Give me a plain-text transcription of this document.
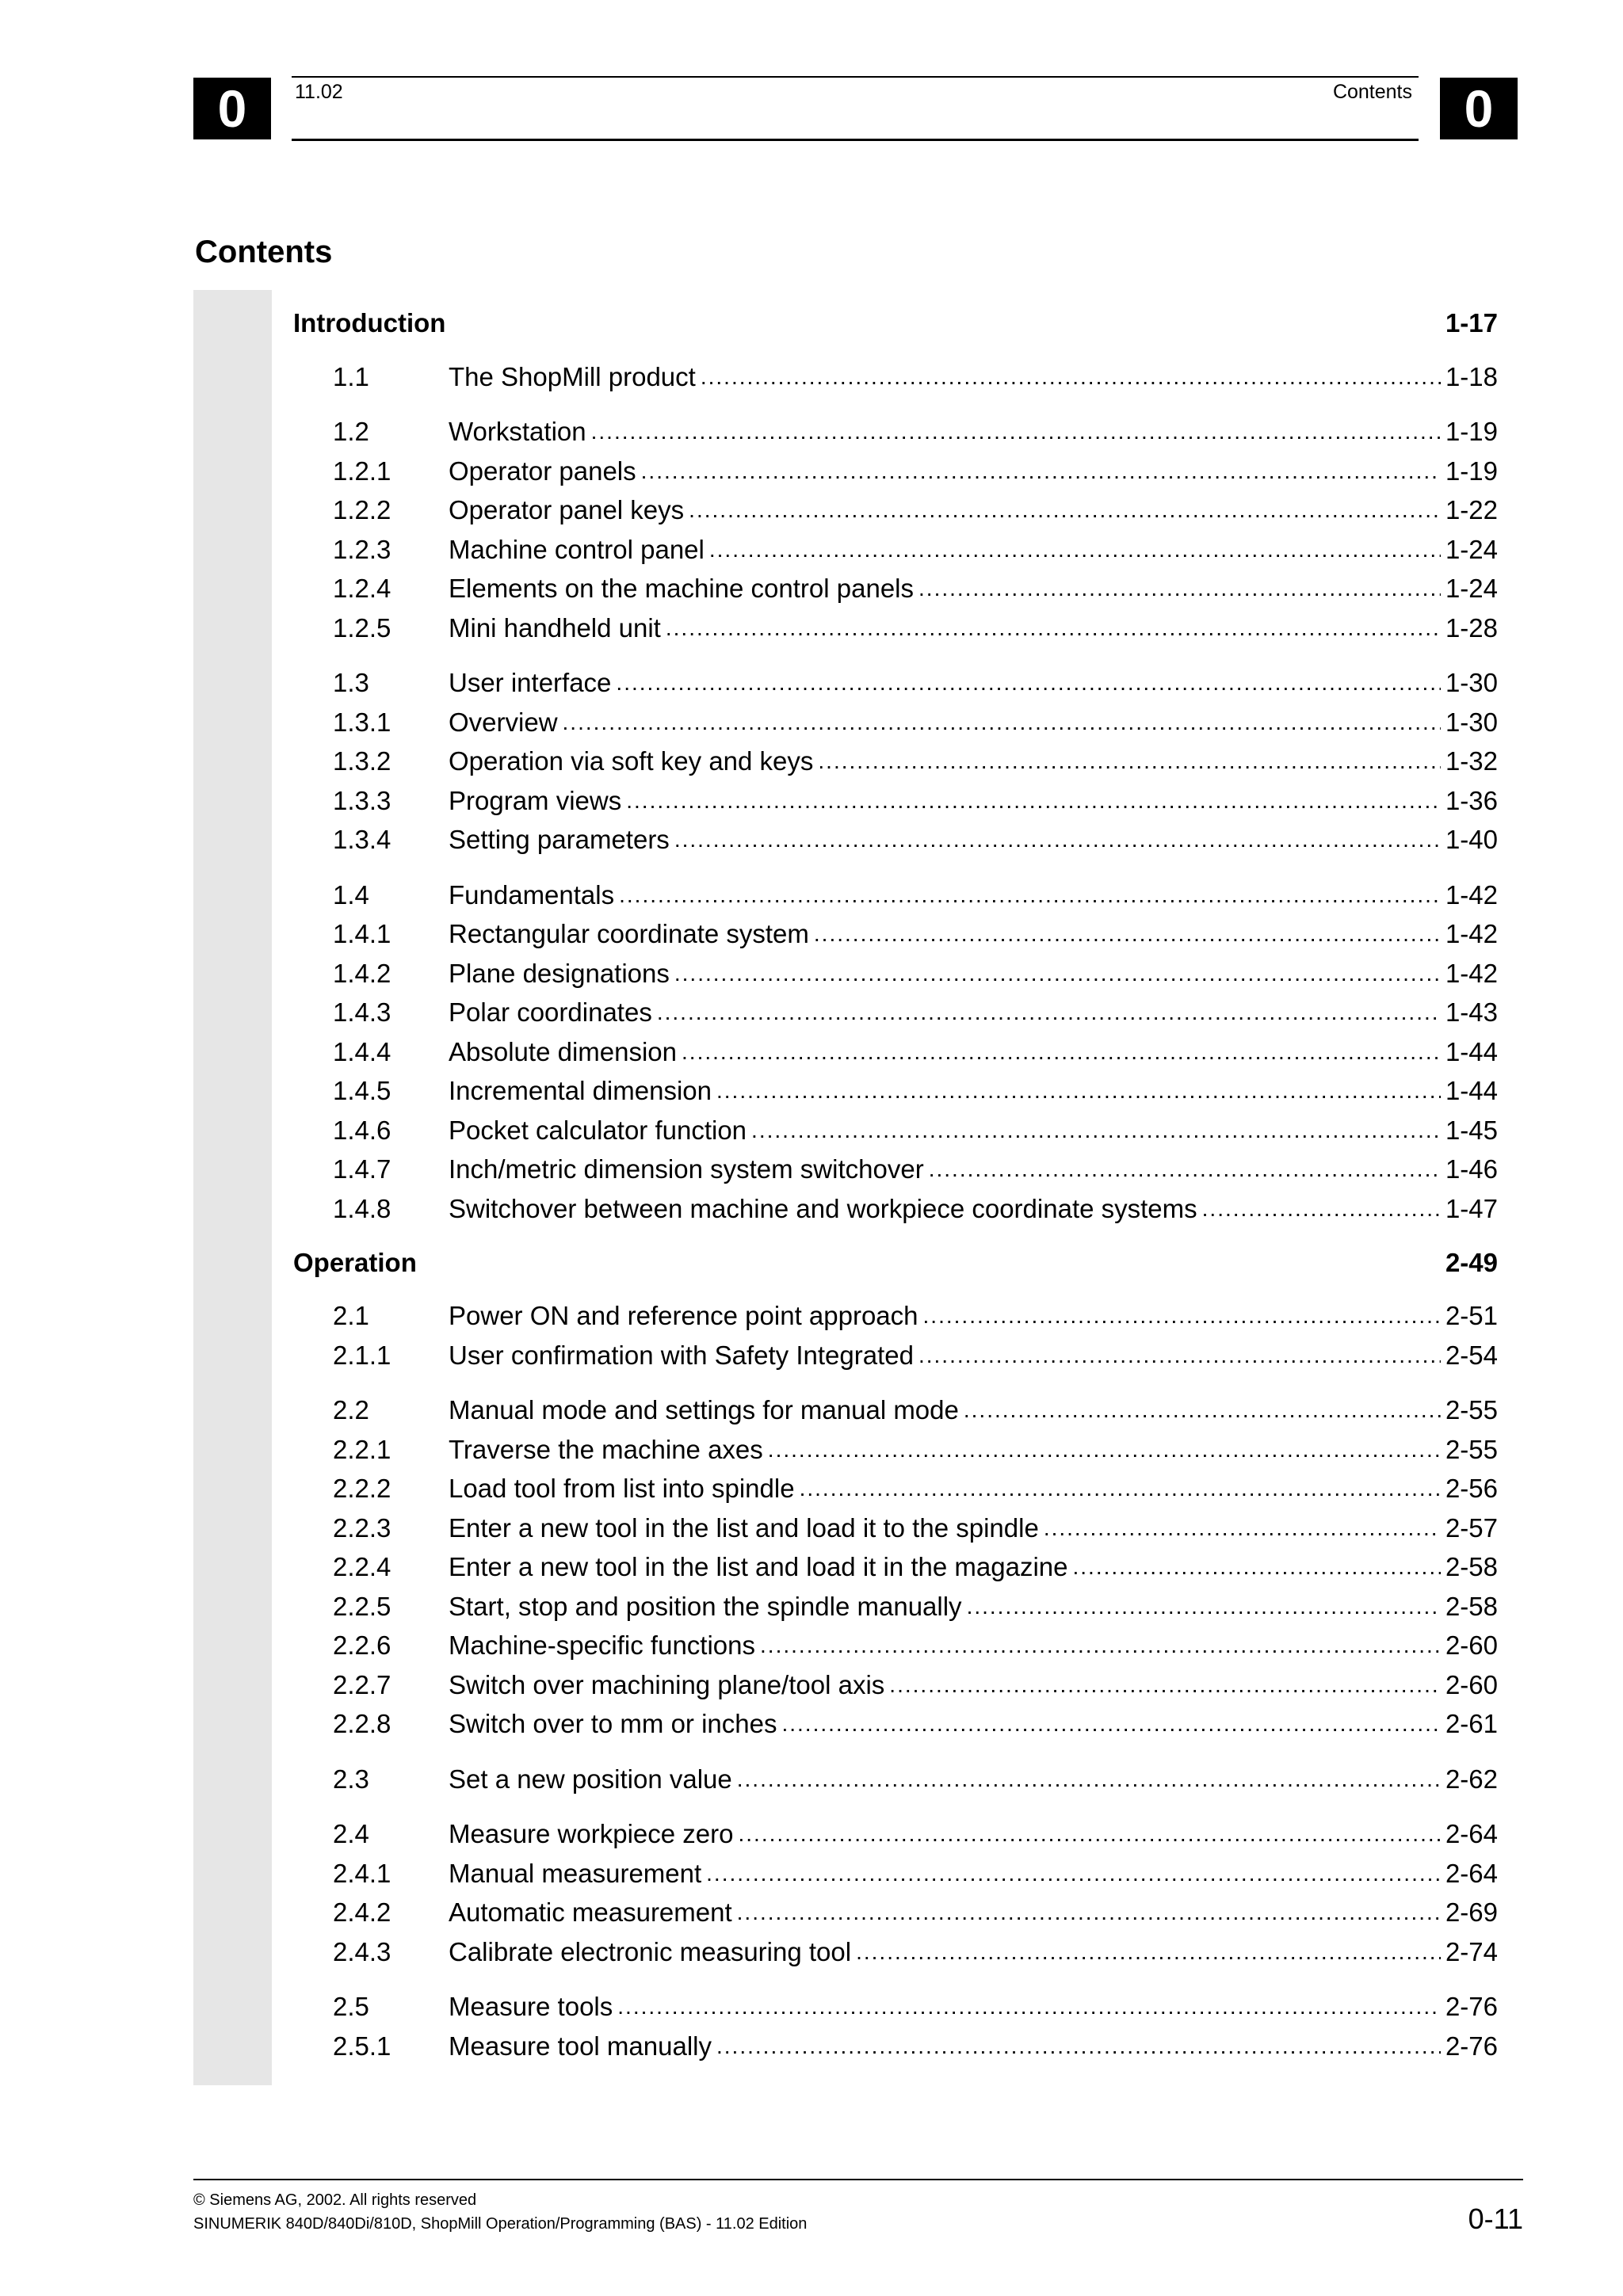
0	11.02	Contents 0
Contents
Introduction	1-17
1.1	The ShopMill product .....	1-18
1.2	Workstation .....	1-19
1.2.1	Operator panels .....	1-19
1.2.2	Operator panel keys .....	1-22
1.2.3	Machine control panel .....	1-24
1.2.4	Elements on the machine control panels .....	1-24
1.2.5	Mini handheld unit .....	1-28
1.3	User interface .....	1-30
1.3.1	Overview .....	1-30
1.3.2	Operation via soft key and keys .....	1-32
1.3.3	Program views .....	1-36
1.3.4	Setting parameters .....	1-40
1.4	Fundamentals .....	1-42
1.4.1	Rectangular coordinate system .....	1-42
1.4.2	Plane designations .....	1-42
1.4.3	Polar coordinates .....	1-43
1.4.4	Absolute dimension .....	1-44
1.4.5	Incremental dimension .....	1-44
1.4.6	Pocket calculator function .....	1-45
1.4.7	Inch/metric dimension system switchover .....	1-46
1.4.8	Switchover between machine and workpiece coordinate systems .....	1-47
Operation	2-49
2.1	Power ON and reference point approach .....	2-51
2.1.1	User confirmation with Safety Integrated .....	2-54
2.2	Manual mode and settings for manual mode .....	2-55
2.2.1	Traverse the machine axes .....	2-55
2.2.2	Load tool from list into spindle .....	2-56
2.2.3	Enter a new tool in the list and load it to the spindle .....	2-57
2.2.4	Enter a new tool in the list and load it in the magazine .....	2-58
2.2.5	Start, stop and position the spindle manually .....	2-58
2.2.6	Machine-specific functions .....	2-60
2.2.7	Switch over machining plane/tool axis .....	2-60
2.2.8	Switch over to mm or inches .....	2-61
2.3	Set a new position value .....	2-62
2.4	Measure workpiece zero .....	2-64
2.4.1	Manual measurement .....	2-64
2.4.2	Automatic measurement .....	2-69
2.4.3	Calibrate electronic measuring tool .....	2-74
2.5	Measure tools .....	2-76
2.5.1	Measure tool manually .....	2-76
© Siemens AG, 2002. All rights reserved
SINUMERIK 840D/840Di/810D, ShopMill Operation/Programming (BAS) - 11.02 Edition	0-11
